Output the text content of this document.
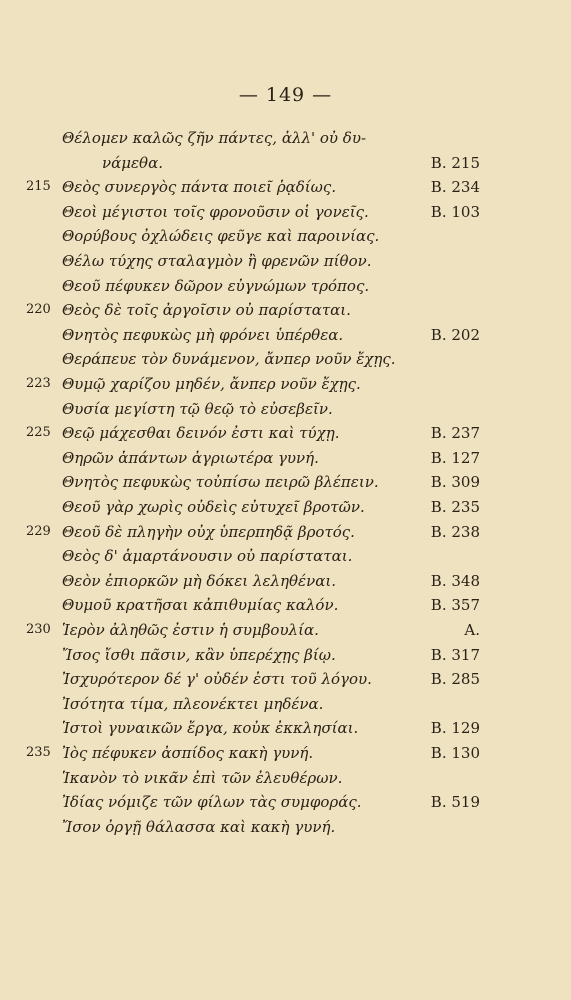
— 149 —
Θέλομεν καλῶς ζῆν πάντες, ἀλλ' οὐ δυ-
νάμεθα.	B. 215
215 Θεὸς συνεργὸς πάντα ποιεῖ ῥᾳδίως.	B. 234
Θεοὶ μέγιστοι τοῖς φρονοῦσιν οἱ γονεῖς.	B. 103
Θορύβους ὀχλώδεις φεῦγε καὶ παροινίας.
Θέλω τύχης σταλαγμὸν ἢ φρενῶν πίθον.
Θεοῦ πέφυκεν δῶρον εὐγνώμων τρόπος.
220 Θεὸς δὲ τοῖς ἀργοῖσιν οὐ παρίσταται.
Θνητὸς πεφυκὼς μὴ φρόνει ὑπέρθεα.	B. 202
Θεράπευε τὸν δυνάμενον, ἄνπερ νοῦν ἔχῃς.
223 Θυμῷ χαρίζου μηδέν, ἄνπερ νοῦν ἔχῃς.
Θυσία μεγίστη τῷ θεῷ τὸ εὐσεβεῖν.
225 Θεῷ μάχεσθαι δεινόν ἐστι καὶ τύχῃ.	B. 237
Θηρῶν ἁπάντων ἀγριωτέρα γυνή.	B. 127
Θνητὸς πεφυκὼς τοὐπίσω πειρῶ βλέπειν.	B. 309
Θεοῦ γὰρ χωρὶς οὐδεὶς εὐτυχεῖ βροτῶν.	B. 235
229 Θεοῦ δὲ πληγὴν οὐχ ὑπερπηδᾷ βροτός.	B. 238
Θεὸς δ' ἁμαρτάνουσιν οὐ παρίσταται.
Θεὸν ἐπιορκῶν μὴ δόκει λεληθέναι.	B. 348
Θυμοῦ κρατῆσαι κἀπιθυμίας καλόν.	B. 357
230 Ἱερὸν ἀληθῶς ἐστιν ἡ συμβουλία.	A.
Ἴσος ἴσθι πᾶσιν, κἂν ὑπερέχῃς βίῳ.	B. 317
Ἰσχυρότερον δέ γ' οὐδέν ἐστι τοῦ λόγου.	B. 285
Ἰσότητα τίμα, πλεονέκτει μηδένα.
Ἱστοὶ γυναικῶν ἔργα, κοὐκ ἐκκλησίαι.	B. 129
235 Ἰὸς πέφυκεν ἀσπίδος κακὴ γυνή.	B. 130
Ἱκανὸν τὸ νικᾶν ἐπὶ τῶν ἐλευθέρων.
Ἰδίας νόμιζε τῶν φίλων τὰς συμφοράς.	B. 519
Ἴσον ὀργῇ θάλασσα καὶ κακὴ γυνή.
